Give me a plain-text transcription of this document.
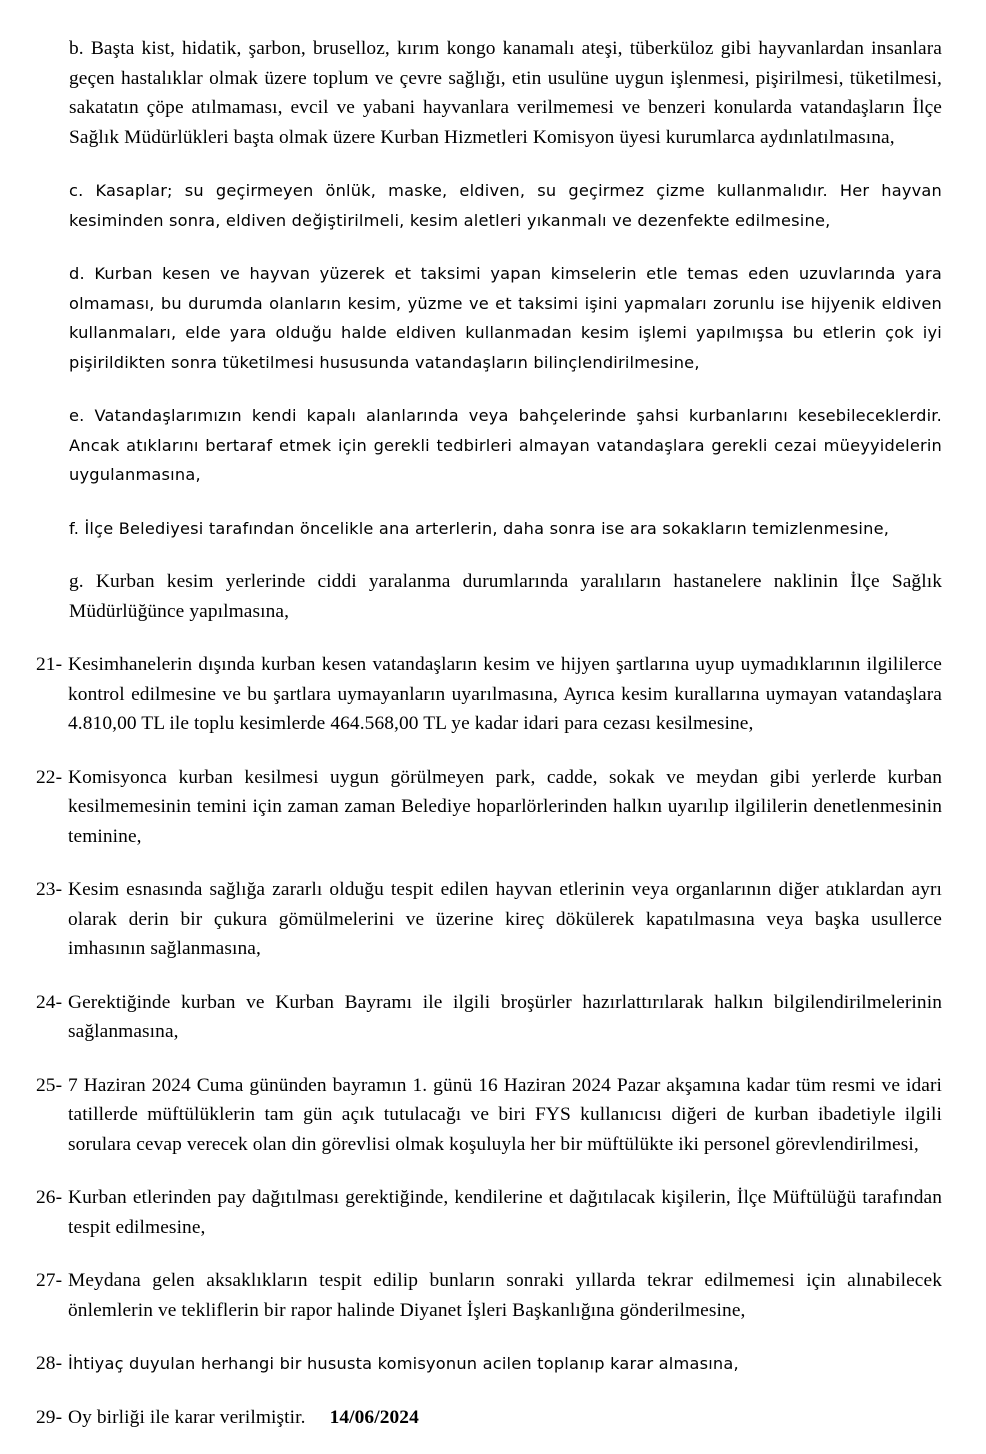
b. Başta kist, hidatik, şarbon, bruselloz, kırım kongo kanamalı ateşi, tüberküloz gibi hayvanlardan insanlara geçen hastalıklar olmak üzere toplum ve çevre sağlığı, etin usulüne uygun işlenmesi, pişirilmesi, tüketilmesi, sakatatın çöpe atılmaması, evcil ve yabani hayvanlara verilmemesi ve benzeri konularda vatandaşların İlçe Sağlık Müdürlükleri başta olmak üzere Kurban Hizmetleri Komisyon üyesi kurumlarca aydınlatılmasına,
c. Kasaplar; su geçirmeyen önlük, maske, eldiven, su geçirmez çizme kullanmalıdır. Her hayvan kesiminden sonra, eldiven değiştirilmeli, kesim aletleri yıkanmalı ve dezenfekte edilmesine,
d. Kurban kesen ve hayvan yüzerek et taksimi yapan kimselerin etle temas eden uzuvlarında yara olmaması, bu durumda olanların kesim, yüzme ve et taksimi işini yapmaları zorunlu ise hijyenik eldiven kullanmaları, elde yara olduğu halde eldiven kullanmadan kesim işlemi yapılmışsa bu etlerin çok iyi pişirildikten sonra tüketilmesi hususunda vatandaşların bilinçlendirilmesine,
e. Vatandaşlarımızın kendi kapalı alanlarında veya bahçelerinde şahsi kurbanlarını kesebileceklerdir. Ancak atıklarını bertaraf etmek için gerekli tedbirleri almayan vatandaşlara gerekli cezai müeyyidelerin uygulanmasına,
f. İlçe Belediyesi tarafından öncelikle ana arterlerin, daha sonra ise ara sokakların temizlenmesine,
g. Kurban kesim yerlerinde ciddi yaralanma durumlarında yaralıların hastanelere naklinin İlçe Sağlık Müdürlüğünce yapılmasına,
21- Kesimhanelerin dışında kurban kesen vatandaşların kesim ve hijyen şartlarına uyup uymadıklarının ilgililerce kontrol edilmesine ve bu şartlara uymayanların uyarılmasına, Ayrıca kesim kurallarına uymayan vatandaşlara 4.810,00 TL ile toplu kesimlerde 464.568,00 TL ye kadar idari para cezası kesilmesine,
22- Komisyonca kurban kesilmesi uygun görülmeyen park, cadde, sokak ve meydan gibi yerlerde kurban kesilmemesinin temini için zaman zaman Belediye hoparlörlerinden halkın uyarılıp ilgililerin denetlenmesinin teminine,
23- Kesim esnasında sağlığa zararlı olduğu tespit edilen hayvan etlerinin veya organlarının diğer atıklardan ayrı olarak derin bir çukura gömülmelerini ve üzerine kireç dökülerek kapatılmasına veya başka usullerce imhasının sağlanmasına,
24- Gerektiğinde kurban ve Kurban Bayramı ile ilgili broşürler hazırlattırılarak halkın bilgilendirilmelerinin sağlanmasına,
25- 7 Haziran 2024 Cuma gününden bayramın 1. günü 16 Haziran 2024 Pazar akşamına kadar tüm resmi ve idari tatillerde müftülüklerin tam gün açık tutulacağı ve biri FYS kullanıcısı diğeri de kurban ibadetiyle ilgili sorulara cevap verecek olan din görevlisi olmak koşuluyla her bir müftülükte iki personel görevlendirilmesi,
26- Kurban etlerinden pay dağıtılması gerektiğinde, kendilerine et dağıtılacak kişilerin, İlçe Müftülüğü tarafından tespit edilmesine,
27- Meydana gelen aksaklıkların tespit edilip bunların sonraki yıllarda tekrar edilmemesi için alınabilecek önlemlerin ve tekliflerin bir rapor halinde Diyanet İşleri Başkanlığına gönderilmesine,
28- İhtiyaç duyulan herhangi bir hususta komisyonun acilen toplanıp karar almasına,
29- Oy birliği ile karar verilmiştir. 14/06/2024
